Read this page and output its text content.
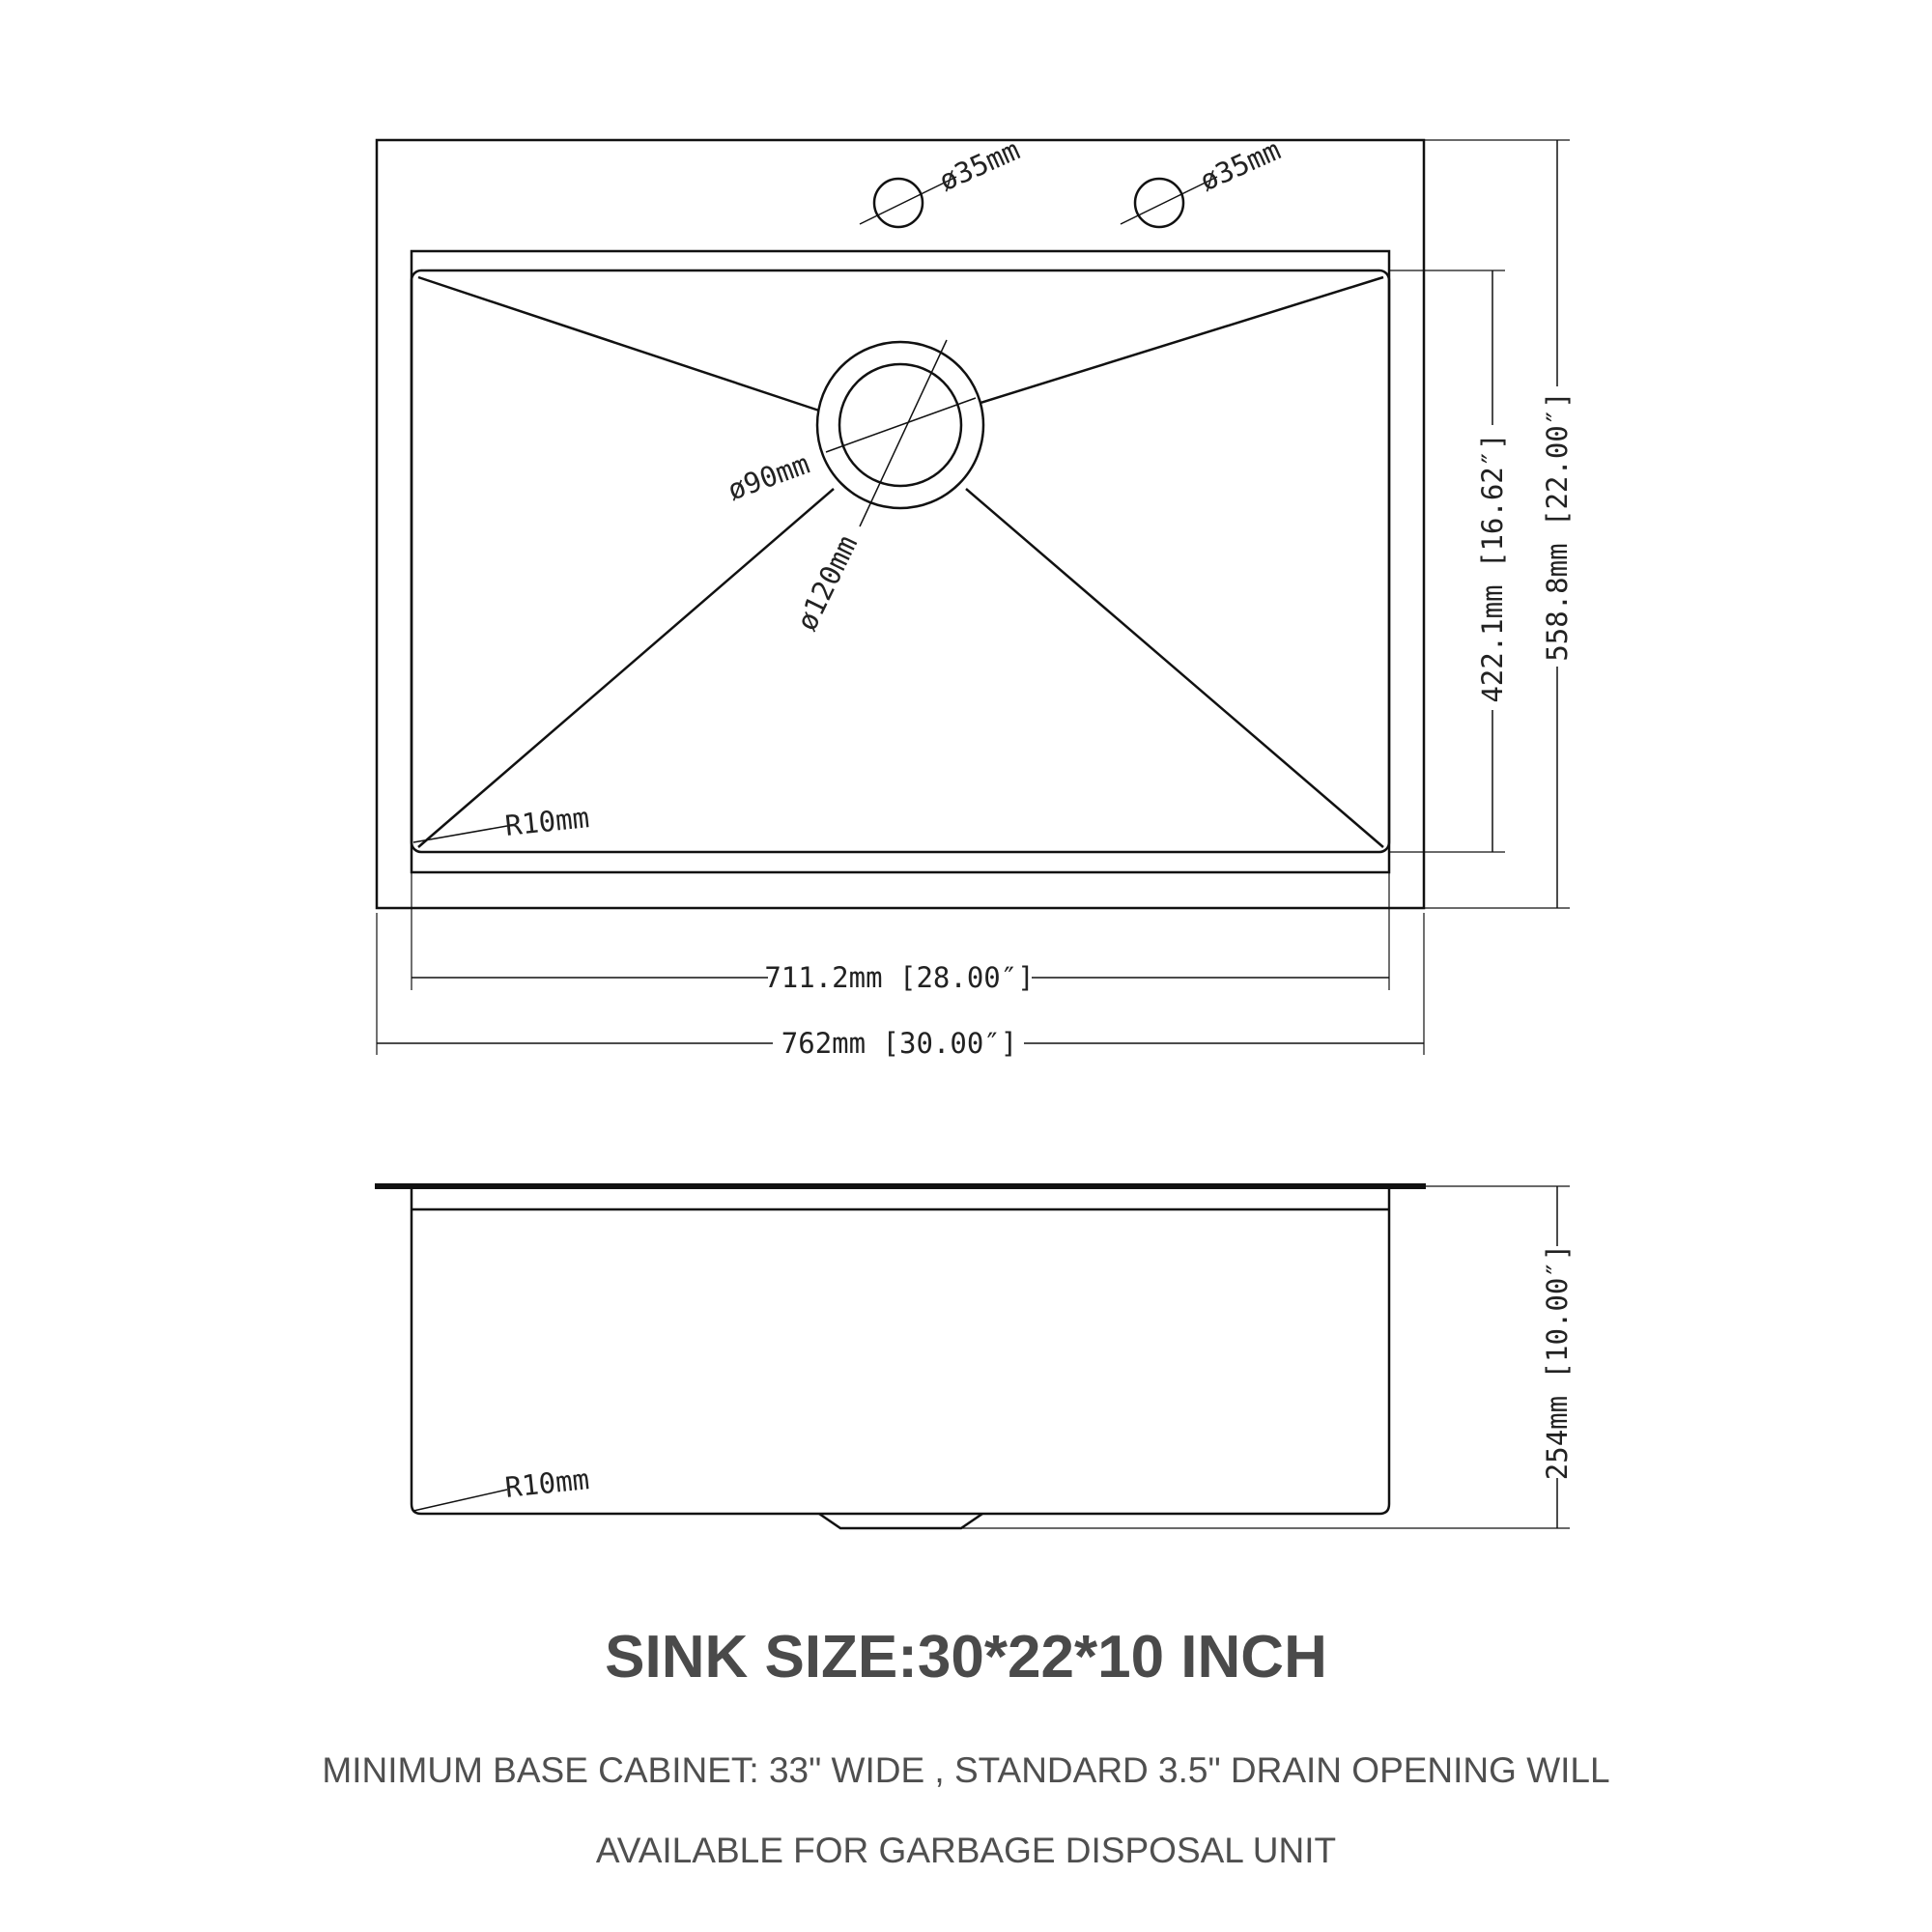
ø35mm	ø35mm
ø90mm
ø120mm
R10mm
711.2mm [28.00″]
762mm [30.00″]
422.1mm [16.62″] 558.8mm [22.00″]
R10mm
254mm [10.00″]
SINK SIZE:30*22*10 INCH
MINIMUM BASE CABINET: 33" WIDE , STANDARD 3.5" DRAIN OPENING WILL
AVAILABLE FOR GARBAGE DISPOSAL UNIT
